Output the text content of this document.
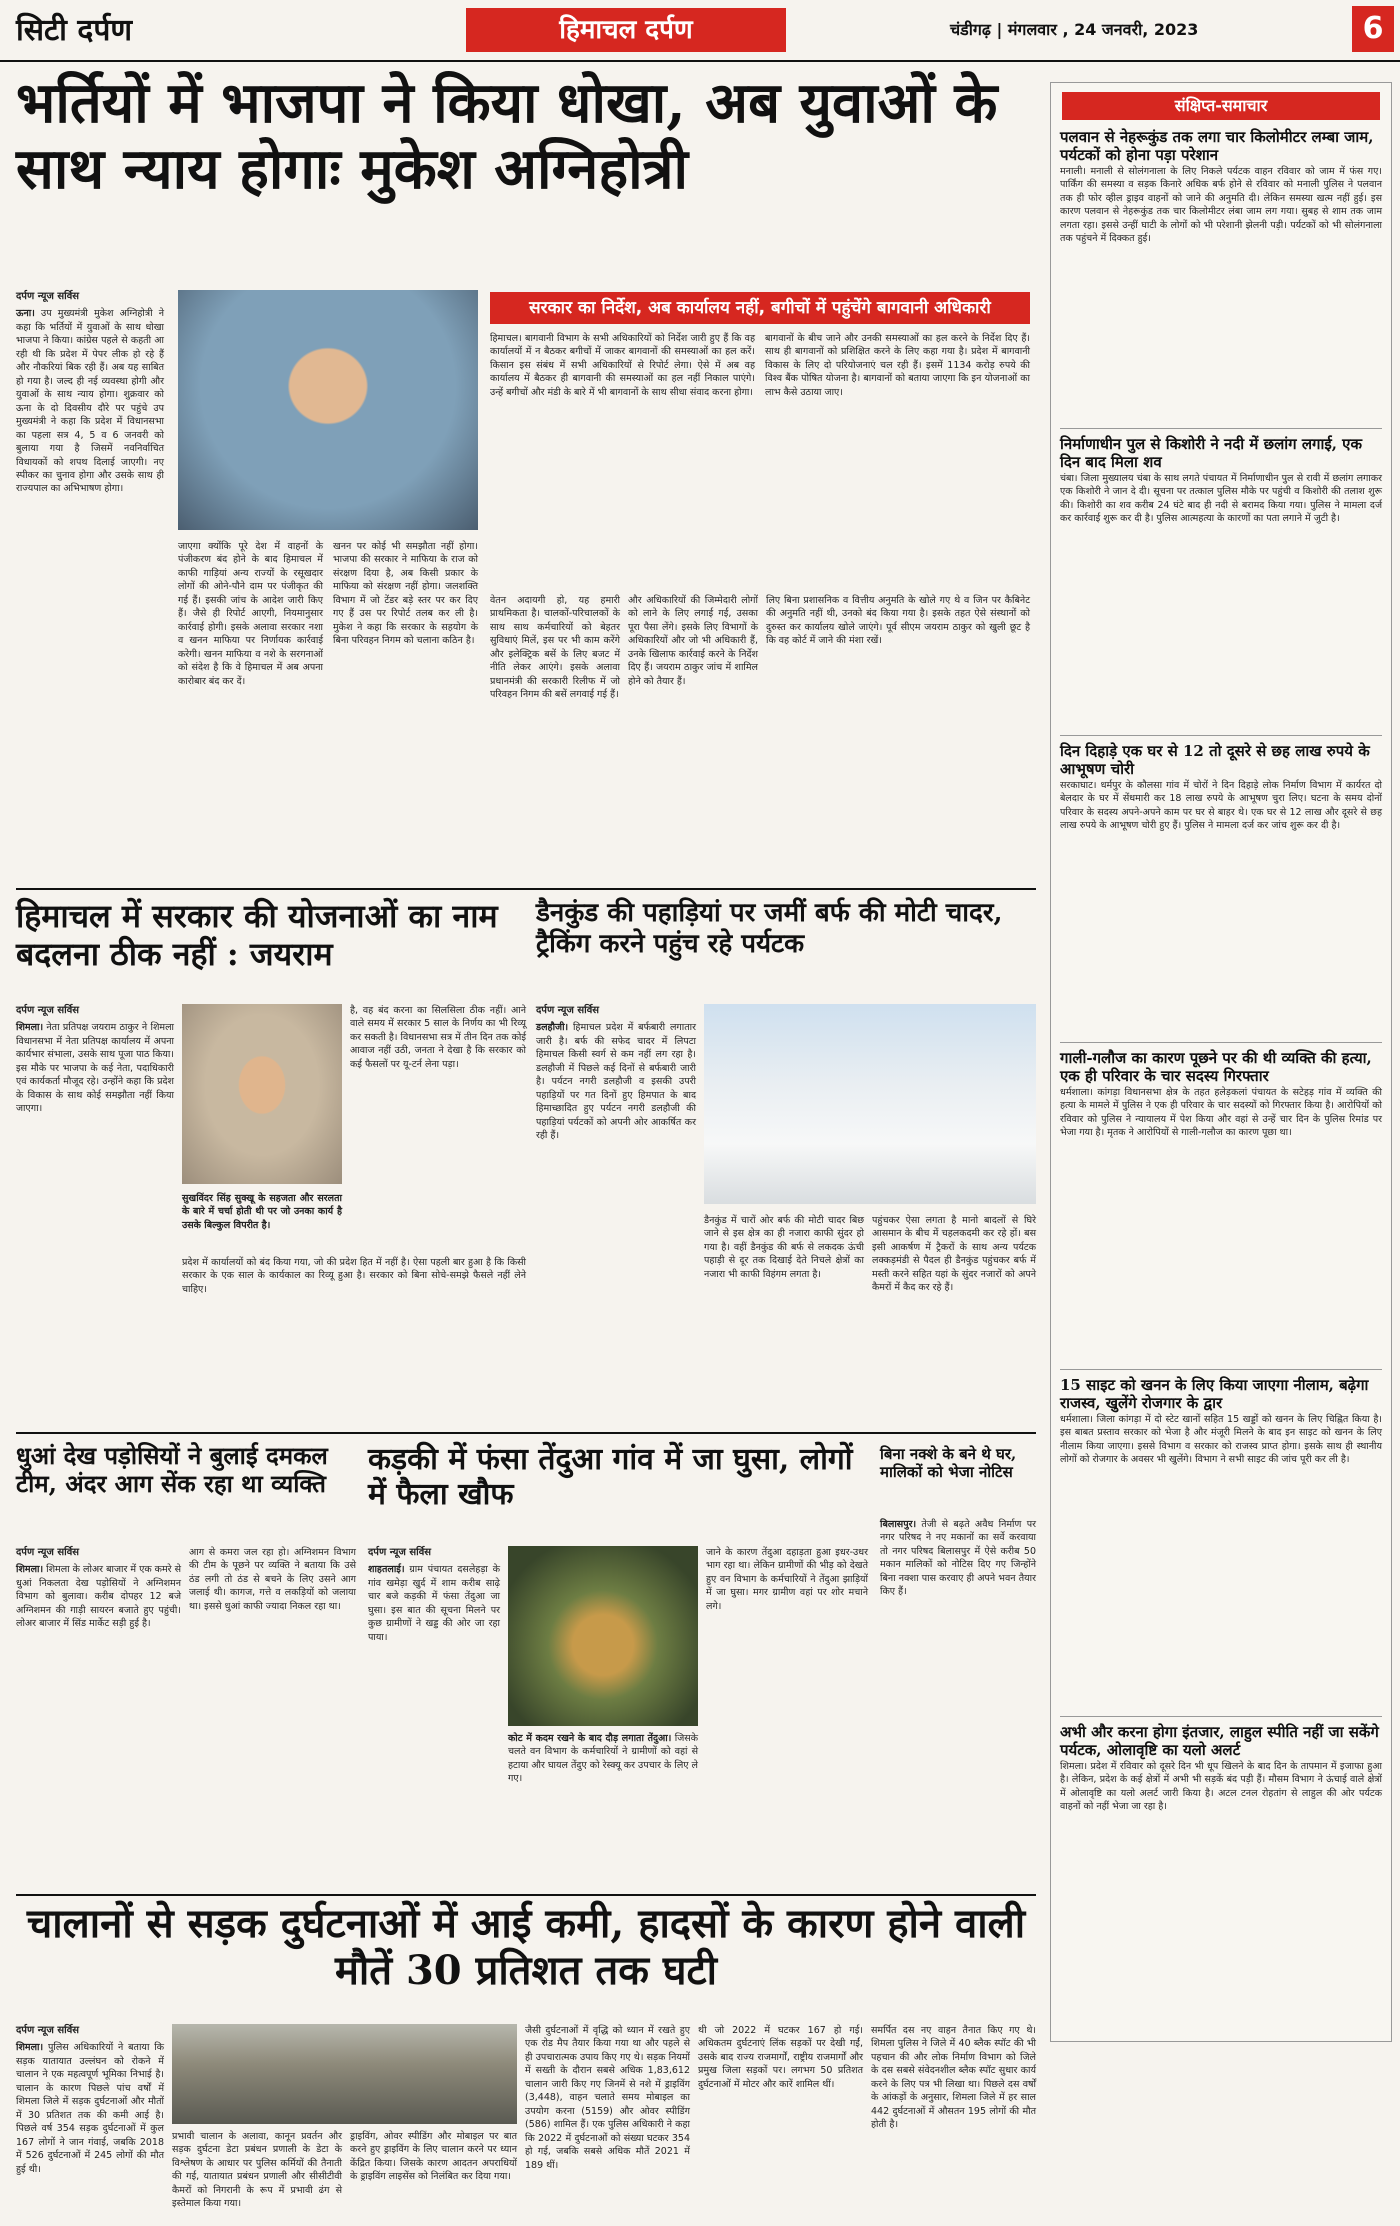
सिटी दर्पण	हिमाचल दर्पण	चंडीगढ़ | मंगलवार , 24 जनवरी, 2023	6
भर्तियों में भाजपा ने किया धोखा, अब युवाओं के साथ न्याय होगाः मुकेश अग्निहोत्री
दर्पण न्यूज सर्विस
ऊना। उप मुख्यमंत्री मुकेश अग्निहोत्री ने कहा कि भर्तियों में युवाओं के साथ धोखा भाजपा ने किया। कांग्रेस पहले से कहती आ रही थी कि प्रदेश में पेपर लीक हो रहे हैं और नौकरियां बिक रही हैं। अब यह साबित हो गया है। जल्द ही नई व्यवस्था होगी और युवाओं के साथ न्याय होगा। शुक्रवार को ऊना के दो दिवसीय दौरे पर पहुंचे उप मुख्यमंत्री ने कहा कि प्रदेश में विधानसभा का पहला सत्र 4, 5 व 6 जनवरी को बुलाया गया है जिसमें नवनिर्वाचित विधायकों को शपथ दिलाई जाएगी। नए स्पीकर का चुनाव होगा और उसके साथ ही राज्यपाल का अभिभाषण होगा।
जाएगा क्योंकि पूरे देश में वाहनों के पंजीकरण बंद होने के बाद हिमाचल में काफी गाड़ियां अन्य राज्यों के रसूखदार लोगों की ओने-पौने दाम पर पंजीकृत की गई हैं। इसकी जांच के आदेश जारी किए हैं। जैसे ही रिपोर्ट आएगी, नियमानुसार कार्रवाई होगी। इसके अलावा सरकार नशा व खनन माफिया पर निर्णायक कार्रवाई करेगी। खनन माफिया व नशे के सरगनाओं को संदेश है कि वे हिमाचल में अब अपना कारोबार बंद कर दें।
खनन पर कोई भी समझौता नहीं होगा। भाजपा की सरकार ने माफिया के राज को संरक्षण दिया है, अब किसी प्रकार के माफिया को संरक्षण नहीं होगा। जलशक्ति विभाग में जो टेंडर बड़े स्तर पर कर दिए गए हैं उस पर रिपोर्ट तलब कर ली है। मुकेश ने कहा कि सरकार के सहयोग के बिना परिवहन निगम को चलाना कठिन है।
सरकार का निर्देश, अब कार्यालय नहीं, बगीचों में पहुंचेंगे बागवानी अधिकारी
हिमाचल। बागवानी विभाग के सभी अधिकारियों को निर्देश जारी हुए हैं कि वह कार्यालयों में न बैठकर बगीचों में जाकर बागवानों की समस्याओं का हल करें। किसान इस संबंध में सभी अधिकारियों से रिपोर्ट लेगा। ऐसे में अब वह कार्यालय में बैठकर ही बागवानी की समस्याओं का हल नहीं निकाल पाएंगे। उन्हें बगीचों और मंडी के बारे में भी बागवानों के साथ सीधा संवाद करना होगा।
बागवानों के बीच जाने और उनकी समस्याओं का हल करने के निर्देश दिए हैं। साथ ही बागवानों को प्रशिक्षित करने के लिए कहा गया है। प्रदेश में बागवानी विकास के लिए दो परियोजनाएं चल रही हैं। इसमें 1134 करोड़ रुपये की विश्व बैंक पोषित योजना है। बागवानों को बताया जाएगा कि इन योजनाओं का लाभ कैसे उठाया जाए।
वेतन अदायगी हो, यह हमारी प्राथमिकता है। चालकों-परिचालकों के साथ साथ कर्मचारियों को बेहतर सुविधाएं मिलें, इस पर भी काम करेंगे और इलेक्ट्रिक बसें के लिए बजट में नीति लेकर आएंगे। इसके अलावा प्रधानमंत्री की सरकारी रिलीफ में जो परिवहन निगम की बसें लगवाई गई हैं।
और अधिकारियों की जिम्मेदारी लोगों को लाने के लिए लगाई गई, उसका पूरा पैसा लेंगे। इसके लिए विभागों के अधिकारियों और जो भी अधिकारी हैं, उनके खिलाफ कार्रवाई करने के निर्देश दिए हैं। जयराम ठाकुर जांच में शामिल होने को तैयार हैं।
लिए बिना प्रशासनिक व वित्तीय अनुमति के खोले गए थे व जिन पर कैबिनेट की अनुमति नहीं थी, उनको बंद किया गया है। इसके तहत ऐसे संस्थानों को दुरुस्त कर कार्यालय खोले जाएंगे। पूर्व सीएम जयराम ठाकुर को खुली छूट है कि वह कोर्ट में जाने की मंशा रखें।
हिमाचल में सरकार की योजनाओं का नाम बदलना ठीक नहीं : जयराम
दर्पण न्यूज सर्विस
शिमला। नेता प्रतिपक्ष जयराम ठाकुर ने शिमला विधानसभा में नेता प्रतिपक्ष कार्यालय में अपना कार्यभार संभाला, उसके साथ पूजा पाठ किया। इस मौके पर भाजपा के कई नेता, पदाधिकारी एवं कार्यकर्ता मौजूद रहे। उन्होंने कहा कि प्रदेश के विकास के साथ कोई समझौता नहीं किया जाएगा।
सुखविंदर सिंह सुक्खू के सहजता और सरलता के बारे में चर्चा होती थी पर जो उनका कार्य है उसके बिल्कुल विपरीत है।
है, वह बंद करना का सिलसिला ठीक नहीं। आने वाले समय में सरकार 5 साल के निर्णय का भी रिव्यू कर सकती है। विधानसभा सत्र में तीन दिन तक कोई आवाज नहीं उठी, जनता ने देखा है कि सरकार को कई फैसलों पर यू-टर्न लेना पड़ा।
प्रदेश में कार्यालयों को बंद किया गया, जो की प्रदेश हित में नहीं है। ऐसा पहली बार हुआ है कि किसी सरकार के एक साल के कार्यकाल का रिव्यू हुआ है। सरकार को बिना सोचे-समझे फैसले नहीं लेने चाहिए।
डैनकुंड की पहाड़ियां पर जमीं बर्फ की मोटी चादर, ट्रैकिंग करने पहुंच रहे पर्यटक
दर्पण न्यूज सर्विस
डलहौजी। हिमाचल प्रदेश में बर्फबारी लगातार जारी है। बर्फ की सफेद चादर में लिपटा हिमाचल किसी स्वर्ग से कम नहीं लग रहा है। डलहौजी में पिछले कई दिनों से बर्फबारी जारी है। पर्यटन नगरी डलहौजी व इसकी उपरी पहाड़ियों पर गत दिनों हुए हिमपात के बाद हिमाच्छादित हुए पर्यटन नगरी डलहौजी की पहाड़ियां पर्यटकों को अपनी ओर आकर्षित कर रही हैं।
डैनकुंड में चारों ओर बर्फ की मोटी चादर बिछ जाने से इस क्षेत्र का ही नजारा काफी सुंदर हो गया है। वहीं डैनकुंड की बर्फ से लकदक ऊंची पहाड़ी से दूर तक दिखाई देते निचले क्षेत्रों का नजारा भी काफी विहंगम लगता है।
पहुंचकर ऐसा लगता है मानो बादलों से घिरे आसमान के बीच में चहलकदमी कर रहे हों। बस इसी आकर्षण में ट्रैकरों के साथ अन्य पर्यटक लक्कड़मंडी से पैदल ही डैनकुंड पहुंचकर बर्फ में मस्ती करने सहित यहां के सुंदर नजारों को अपने कैमरों में कैद कर रहे हैं।
धुआं देख पड़ोसियों ने बुलाई दमकल टीम, अंदर आग सेंक रहा था व्यक्ति
दर्पण न्यूज सर्विस
शिमला। शिमला के लोअर बाजार में एक कमरे से धुआं निकलता देख पड़ोसियों ने अग्निशमन विभाग को बुलावा। करीब दोपहर 12 बजे अग्निशमन की गाड़ी सायरन बजाते हुए पहुंची। लोअर बाजार में सिंड मार्केट सड़ी हुई है।
आग से कमरा जल रहा हो। अग्निशमन विभाग की टीम के पूछने पर व्यक्ति ने बताया कि उसे ठंड लगी तो ठंड से बचने के लिए उसने आग जलाई थी। कागज, गत्ते व लकड़ियों को जलाया था। इससे धुआं काफी ज्यादा निकल रहा था।
कड़की में फंसा तेंदुआ गांव में जा घुसा, लोगों में फैला खौफ
दर्पण न्यूज सर्विस
शाहतलाई। ग्राम पंचायत दसलेहड़ा के गांव खमेड़ा खुर्द में शाम करीब साढ़े चार बजे कड़की में फंसा तेंदुआ जा घुसा। इस बात की सूचना मिलने पर कुछ ग्रामीणों ने खड्ड की ओर जा रहा पाया।
कोट में कदम रखने के बाद दौड़ लगाता तेंदुआ। जिसके चलते वन विभाग के कर्मचारियों ने ग्रामीणों को वहां से हटाया और घायल तेंदुए को रेस्क्यू कर उपचार के लिए ले गए।
जाने के कारण तेंदुआ दहाड़ता हुआ इधर-उधर भाग रहा था। लेकिन ग्रामीणों की भीड़ को देखते हुए वन विभाग के कर्मचारियों ने तेंदुआ झाड़ियों में जा घुसा। मगर ग्रामीण वहां पर शोर मचाने लगे।
बिना नक्शे के बने थे घर, मालिकों को भेजा नोटिस
बिलासपुर। तेजी से बढ़ते अवैध निर्माण पर नगर परिषद ने नए मकानों का सर्वे करवाया तो नगर परिषद बिलासपुर में ऐसे करीब 50 मकान मालिकों को नोटिस दिए गए जिन्होंने बिना नक्शा पास करवाए ही अपने भवन तैयार किए हैं।
चालानों से सड़क दुर्घटनाओं में आई कमी, हादसों के कारण होने वाली मौतें 30 प्रतिशत तक घटी
दर्पण न्यूज सर्विस
शिमला। पुलिस अधिकारियों ने बताया कि सड़क यातायात उल्लंघन को रोकने में चालान ने एक महत्वपूर्ण भूमिका निभाई है। चालान के कारण पिछले पांच वर्षों में शिमला जिले में सड़क दुर्घटनाओं और मौतों में 30 प्रतिशत तक की कमी आई है। पिछले वर्ष 354 सड़क दुर्घटनाओं में कुल 167 लोगों ने जान गंवाई, जबकि 2018 में 526 दुर्घटनाओं में 245 लोगों की मौत हुई थी।
प्रभावी चालान के अलावा, कानून प्रवर्तन और सड़क दुर्घटना डेटा प्रबंधन प्रणाली के डेटा के विश्लेषण के आधार पर पुलिस कर्मियों की तैनाती की गई, यातायात प्रबंधन प्रणाली और सीसीटीवी कैमरों को निगरानी के रूप में प्रभावी ढंग से इस्तेमाल किया गया।
ड्राइविंग, ओवर स्पीडिंग और मोबाइल पर बात करने हुए ड्राइविंग के लिए चालान करने पर ध्यान केंद्रित किया। जिसके कारण आदतन अपराधियों के ड्राइविंग लाइसेंस को निलंबित कर दिया गया।
जैसी दुर्घटनाओं में वृद्धि को ध्यान में रखते हुए एक रोड मैप तैयार किया गया था और पहले से ही उपचारात्मक उपाय किए गए थे। सड़क नियमों में सख्ती के दौरान सबसे अधिक 1,83,612 चालान जारी किए गए जिनमें से नशे में ड्राइविंग (3,448), वाहन चलाते समय मोबाइल का उपयोग करना (5159) और ओवर स्पीडिंग (586) शामिल हैं। एक पुलिस अधिकारी ने कहा कि 2022 में दुर्घटनाओं को संख्या घटकर 354 हो गई, जबकि सबसे अधिक मौतें 2021 में 189 थीं।
थी जो 2022 में घटकर 167 हो गई। अधिकतम दुर्घटनाएं लिंक सड़कों पर देखी गईं, उसके बाद राज्य राजमार्गों, राष्ट्रीय राजमार्गों और प्रमुख जिला सड़कों पर। लगभग 50 प्रतिशत दुर्घटनाओं में मोटर और कारें शामिल थीं।
समर्पित दस नए वाहन तैनात किए गए थे। शिमला पुलिस ने जिले में 40 ब्लैक स्पॉट की भी पहचान की और लोक निर्माण विभाग को जिले के दस सबसे संवेदनशील ब्लैक स्पॉट सुधार कार्य करने के लिए पत्र भी लिखा था। पिछले दस वर्षों के आंकड़ों के अनुसार, शिमला जिले में हर साल 442 दुर्घटनाओं में औसतन 195 लोगों की मौत होती है।
संक्षिप्त-समाचार
पलवान से नेहरूकुंड तक लगा चार किलोमीटर लम्बा जाम, पर्यटकों को होना पड़ा परेशान
मनाली। मनाली से सोलंगनाला के लिए निकले पर्यटक वाहन रविवार को जाम में फंस गए। पार्किंग की समस्या व सड़क किनारे अधिक बर्फ होने से रविवार को मनाली पुलिस ने पलवान तक ही फोर व्हील ड्राइव वाहनों को जाने की अनुमति दी। लेकिन समस्या खत्म नहीं हुई। इस कारण पलवान से नेहरूकुंड तक चार किलोमीटर लंबा जाम लग गया। सुबह से शाम तक जाम लगता रहा। इससे उन्हीं घाटी के लोगों को भी परेशानी झेलनी पड़ी। पर्यटकों को भी सोलंगनाला तक पहुंचने में दिक्कत हुई।
निर्माणाधीन पुल से किशोरी ने नदी में छलांग लगाई, एक दिन बाद मिला शव
चंबा। जिला मुख्यालय चंबा के साथ लगते पंचायत में निर्माणाधीन पुल से रावी में छलांग लगाकर एक किशोरी ने जान दे दी। सूचना पर तत्काल पुलिस मौके पर पहुंची व किशोरी की तलाश शुरू की। किशोरी का शव करीब 24 घंटे बाद ही नदी से बरामद किया गया। पुलिस ने मामला दर्ज कर कार्रवाई शुरू कर दी है। पुलिस आत्महत्या के कारणों का पता लगाने में जुटी है।
दिन दिहाड़े एक घर से 12 तो दूसरे से छह लाख रुपये के आभूषण चोरी
सरकाघाट। धर्मपुर के कौलसा गांव में चोरों ने दिन दिहाड़े लोक निर्माण विभाग में कार्यरत दो बेलदार के घर में सेंधमारी कर 18 लाख रुपये के आभूषण चुरा लिए। घटना के समय दोनों परिवार के सदस्य अपने-अपने काम पर घर से बाहर थे। एक घर से 12 लाख और दूसरे से छह लाख रुपये के आभूषण चोरी हुए हैं। पुलिस ने मामला दर्ज कर जांच शुरू कर दी है।
गाली-गलौज का कारण पूछने पर की थी व्यक्ति की हत्या, एक ही परिवार के चार सदस्य गिरफ्तार
धर्मशाला। कांगड़ा विधानसभा क्षेत्र के तहत हलेड़कलां पंचायत के सटेहड़ गांव में व्यक्ति की हत्या के मामले में पुलिस ने एक ही परिवार के चार सदस्यों को गिरफ्तार किया है। आरोपियों को रविवार को पुलिस ने न्यायालय में पेश किया और वहां से उन्हें चार दिन के पुलिस रिमांड पर भेजा गया है। मृतक ने आरोपियों से गाली-गलौज का कारण पूछा था।
15 साइट को खनन के लिए किया जाएगा नीलाम, बढ़ेगा राजस्व, खुलेंगे रोजगार के द्वार
धर्मशाला। जिला कांगड़ा में दो स्टेट खानों सहित 15 खड्डों को खनन के लिए चिह्नित किया है। इस बाबत प्रस्ताव सरकार को भेजा है और मंजूरी मिलने के बाद इन साइट को खनन के लिए नीलाम किया जाएगा। इससे विभाग व सरकार को राजस्व प्राप्त होगा। इसके साथ ही स्थानीय लोगों को रोजगार के अवसर भी खुलेंगे। विभाग ने सभी साइट की जांच पूरी कर ली है।
अभी और करना होगा इंतजार, लाहुल स्पीति नहीं जा सकेंगे पर्यटक, ओलावृष्टि का यलो अलर्ट
शिमला। प्रदेश में रविवार को दूसरे दिन भी धूप खिलने के बाद दिन के तापमान में इजाफा हुआ है। लेकिन, प्रदेश के कई क्षेत्रों में अभी भी सड़कें बंद पड़ी हैं। मौसम विभाग ने ऊंचाई वाले क्षेत्रों में ओलावृष्टि का यलो अलर्ट जारी किया है। अटल टनल रोहतांग से लाहुल की ओर पर्यटक वाहनों को नहीं भेजा जा रहा है।
